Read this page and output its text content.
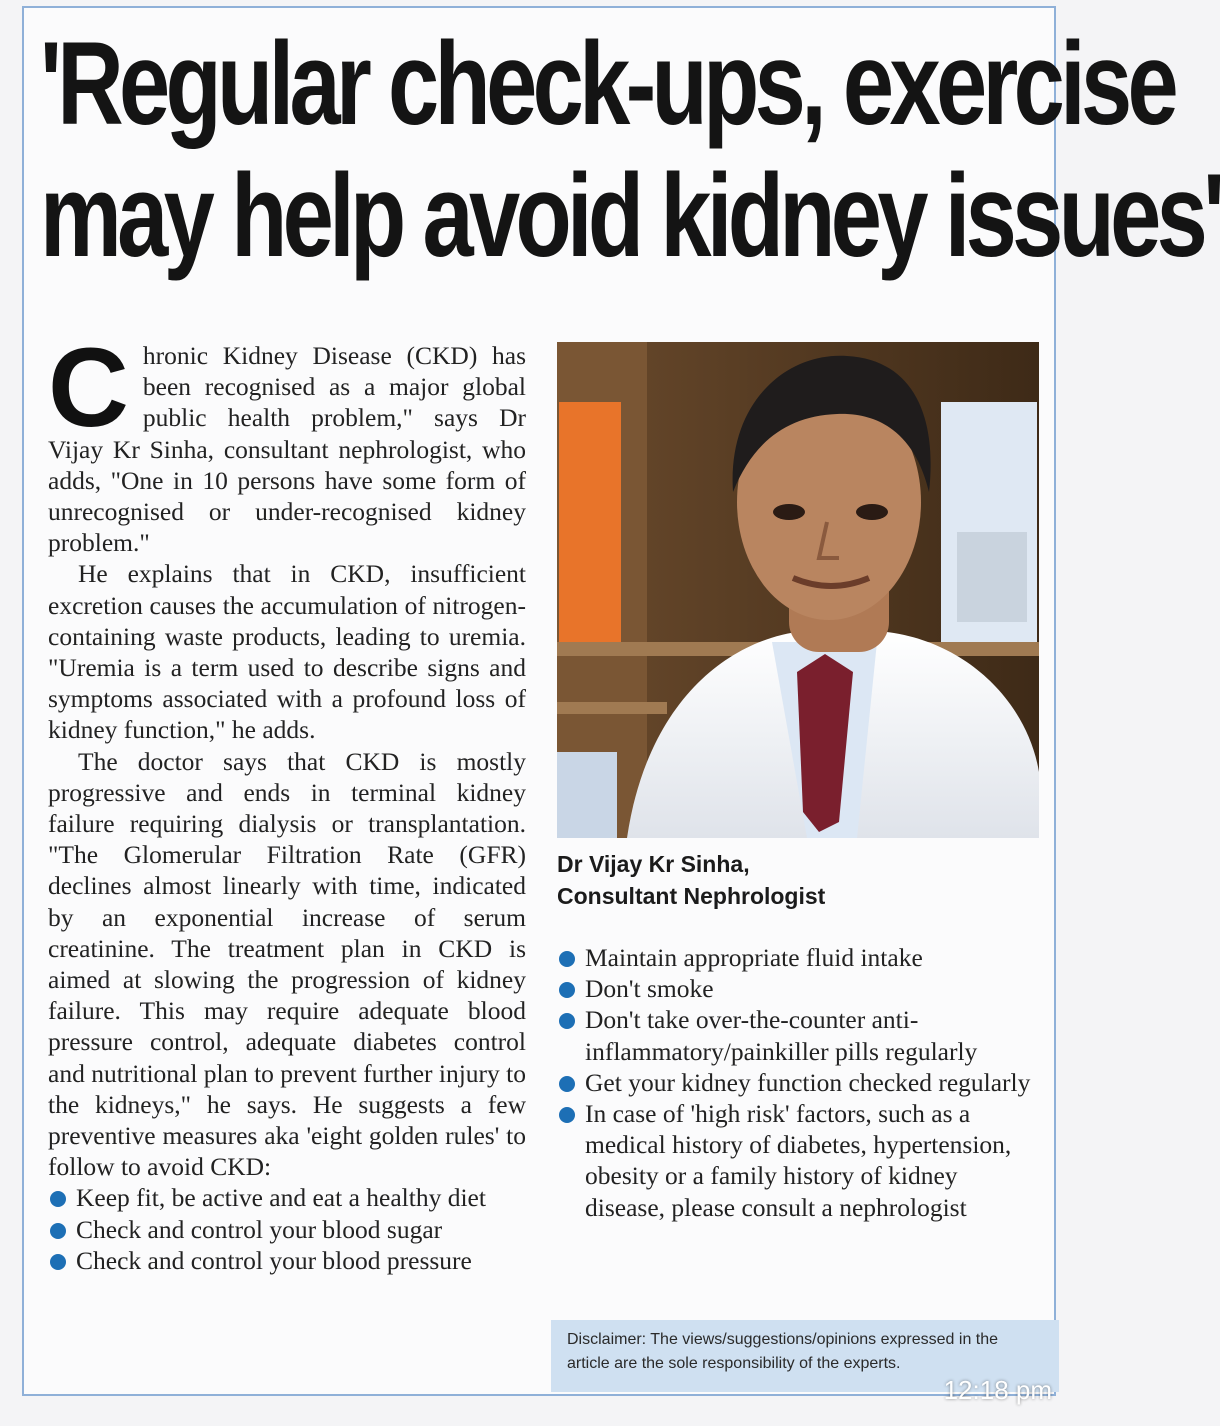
'Regular check-ups, exercise
may help avoid kidney issues'

Chronic Kidney Disease (CKD) has been recognised as a major global public health problem," says Dr Vijay Kr Sinha, consultant nephrologist, who adds, "One in 10 persons have some form of unrecognised or under-recognised kidney problem."

He explains that in CKD, insufficient excretion causes the accumulation of nitrogen-containing waste products, leading to uremia. "Uremia is a term used to describe signs and symptoms associated with a profound loss of kidney function," he adds.

The doctor says that CKD is mostly progressive and ends in terminal kidney failure requiring dialysis or transplantation. "The Glomerular Filtration Rate (GFR) declines almost linearly with time, indicated by an exponential increase of serum creatinine. The treatment plan in CKD is aimed at slowing the progression of kidney failure. This may require adequate blood pressure control, adequate diabetes control and nutritional plan to prevent further injury to the kidneys," he says. He suggests a few preventive measures aka 'eight golden rules' to follow to avoid CKD:

Keep fit, be active and eat a healthy diet
Check and control your blood sugar
Check and control your blood pressure
Dr Vijay Kr Sinha,
Consultant Nephrologist
Maintain appropriate fluid intake
Don't smoke
Don't take over-the-counter anti-inflammatory/painkiller pills regularly
Get your kidney function checked regularly
In case of 'high risk' factors, such as a medical history of diabetes, hypertension, obesity or a family history of kidney disease, please consult a nephrologist
Disclaimer: The views/suggestions/opinions expressed in the article are the sole responsibility of the experts.
12:18 pm
